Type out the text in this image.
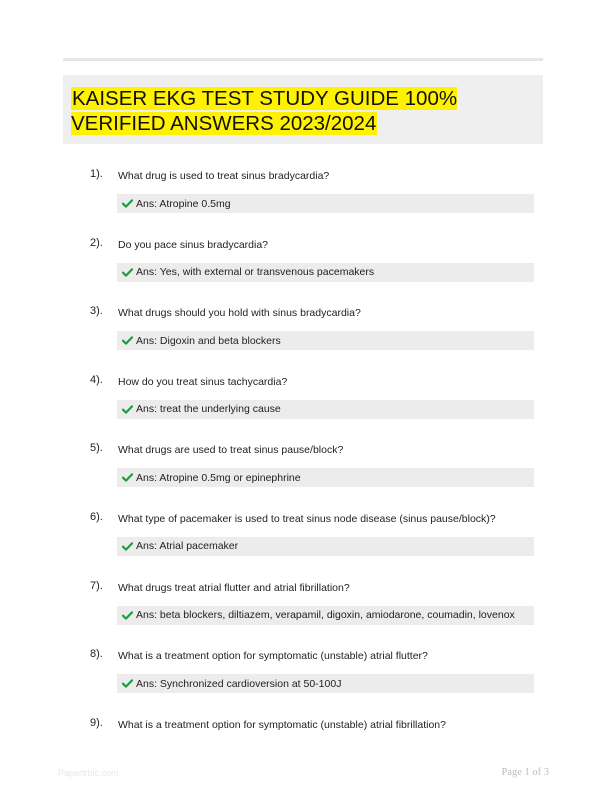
KAISER EKG TEST STUDY GUIDE 100% VERIFIED ANSWERS 2023/2024
1). What drug is used to treat sinus bradycardia?
Ans: Atropine 0.5mg
2). Do you pace sinus bradycardia?
Ans: Yes, with external or transvenous pacemakers
3). What drugs should you hold with sinus bradycardia?
Ans: Digoxin and beta blockers
4). How do you treat sinus tachycardia?
Ans: treat the underlying cause
5). What drugs are used to treat sinus pause/block?
Ans: Atropine 0.5mg or epinephrine
6). What type of pacemaker is used to treat sinus node disease (sinus pause/block)?
Ans: Atrial pacemaker
7). What drugs treat atrial flutter and atrial fibrillation?
Ans: beta blockers, diltiazem, verapamil, digoxin, amiodarone, coumadin, lovenox
8). What is a treatment option for symptomatic (unstable) atrial flutter?
Ans: Synchronized cardioversion at 50-100J
9). What is a treatment option for symptomatic (unstable) atrial fibrillation?
Papertrbic.com	Page 1 of 3
